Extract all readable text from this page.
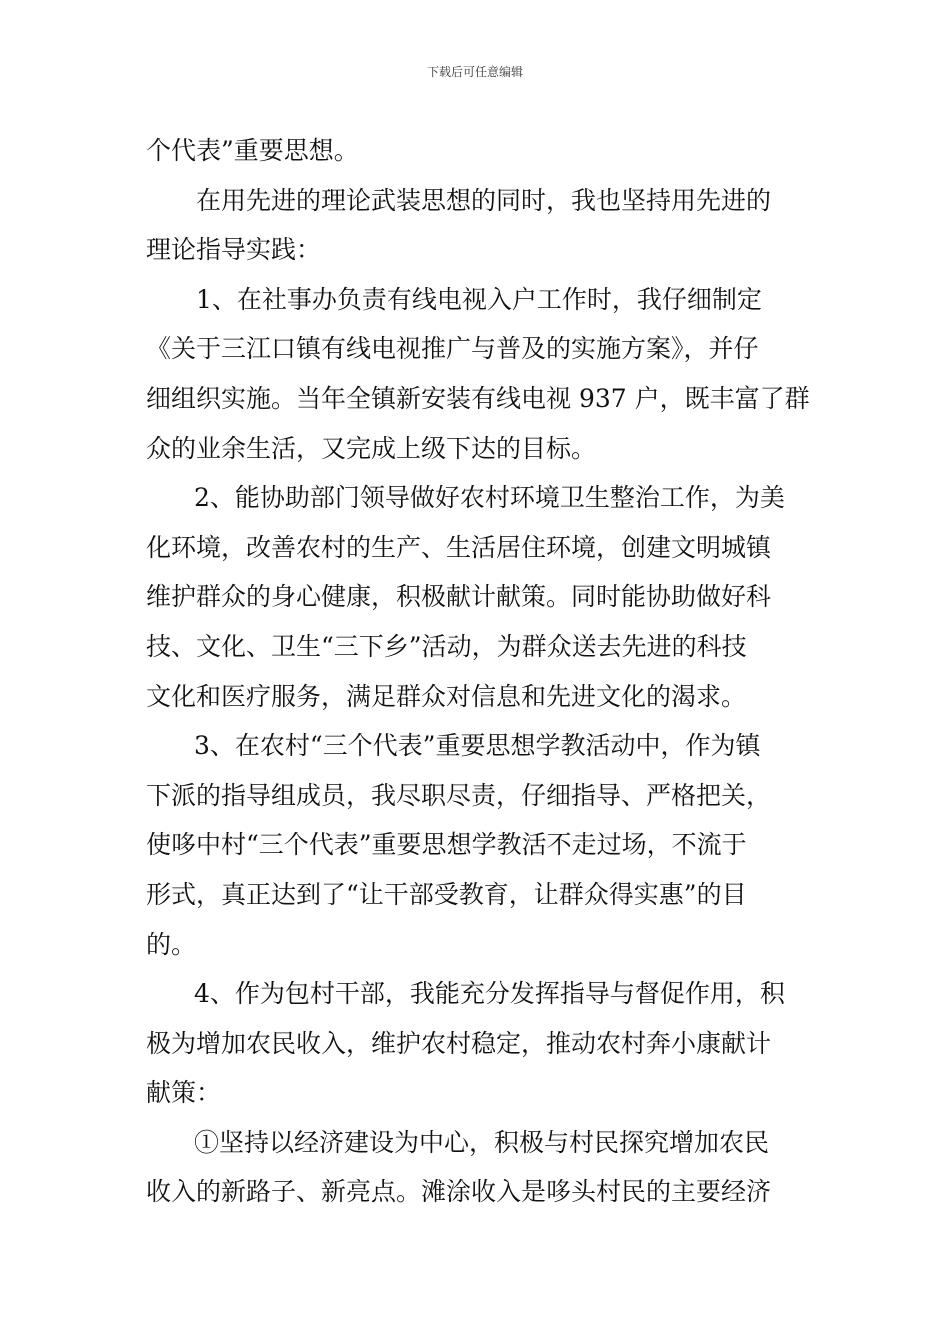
下载后可任意编辑
个代表”重要思想。
在用先进的理论武装思想的同时，我也坚持用先进的
理论指导实践：
1、在社事办负责有线电视入户工作时，我仔细制定
《关于三江口镇有线电视推广与普及的实施方案》，并仔
细组织实施。当年全镇新安装有线电视 937 户，既丰富了群
众的业余生活，又完成上级下达的目标。
2、能协助部门领导做好农村环境卫生整治工作，为美
化环境，改善农村的生产、生活居住环境，创建文明城镇
维护群众的身心健康，积极献计献策。同时能协助做好科
技、文化、卫生“三下乡”活动，为群众送去先进的科技
文化和医疗服务，满足群众对信息和先进文化的渴求。
3、在农村“三个代表”重要思想学教活动中，作为镇
下派的指导组成员，我尽职尽责，仔细指导、严格把关，
使哆中村“三个代表”重要思想学教活不走过场，不流于
形式，真正达到了“让干部受教育，让群众得实惠”的目
的。
4、作为包村干部，我能充分发挥指导与督促作用，积
极为增加农民收入，维护农村稳定，推动农村奔小康献计
献策：
①坚持以经济建设为中心，积极与村民探究增加农民
收入的新路子、新亮点。滩涂收入是哆头村民的主要经济
